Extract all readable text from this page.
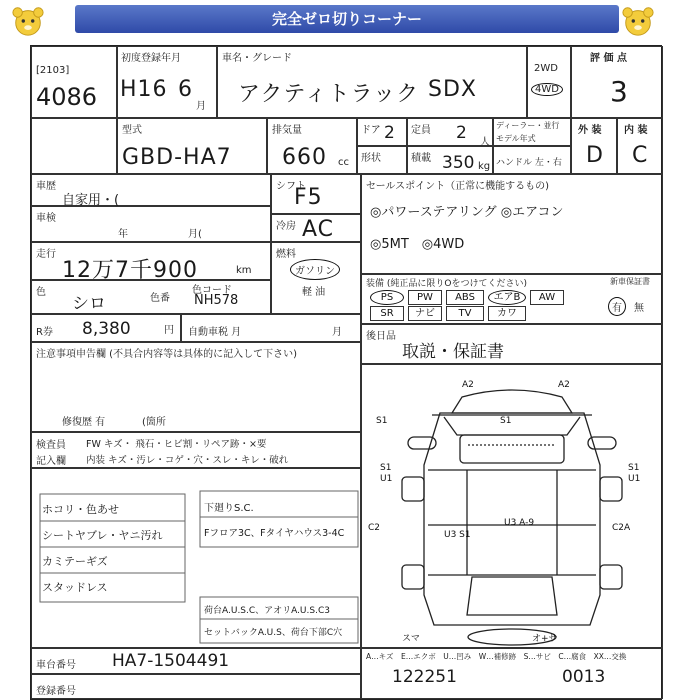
完全ゼロ切りコーナー
[2103]
4086
初度登録年月
H16 6
月
車名・グレード
アクティトラック SDX
2WD
4WD
評 価 点
3
型式
GBD-HA7
排気量
660 cc
ドア 2 定員 2 人
ディーラー・並行
モデル年式
外 装
D
内 装
C
形状	積載 350 kg ハンドル 左・右
車歴
自家用・(
車検
年	月(
走行
12万7千900	km
色
シロ	色番
色コード
NH578
R券 8,380	円 自動車税 月	月
シフト
F5
冷房 AC
燃料
ガソリン
軽 油
セールスポイント（正常に機能するもの)
◎パワーステアリング ◎エアコン
◎5MT　◎4WD
装備 (純正品に限りOをつけてください)
PS	PW	ABS	エアB	AW
SR	ナビ	TV	カワ
新車保証書
有	無
後日品
取説・保証書
注意事項申告欄 (不具合内容等は具体的に記入して下さい)
修復歴 有	(箇所
検査員
記入欄
FW キズ・ 飛石・ヒビ割・リペア跡・×要
内装 キズ・汚レ・コゲ・穴・スレ・キレ・破れ
ホコリ・色あせ
シートヤブレ・ヤニ汚れ
カミテーギズ
スタッドレス
下廻りS.C.
Fフロア3C、Fタイヤハウス3-4C
荷台A.U.S.C、アオリA.U.S.C3
セットバックA.U.S、荷台下部C穴
A2	A2
S1	S1
S1
U1
S1
U1
C2
U3 S1
U3 A-9	C2A
スマ	オ+サ
車台番号 HA7-1504491
登録番号
A…キズ　E…エクボ　U…凹み　W…補修跡　S…サビ　C…腐食　XX…交換
122251	0013
